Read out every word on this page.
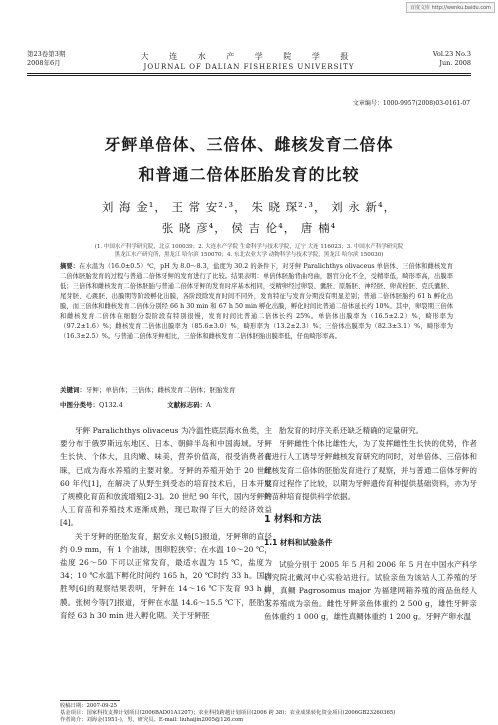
百度文库 http://wenku.baidu.com
第23卷第3期
2008年6月
大 连 水 产 学 院 学 报
JOURNAL OF DALIAN FISHERIES UNIVERSITY
Vol.23 No.3
Jun. 2008
文章编号：1000-9957(2008)03-0161-07
牙鲆单倍体、三倍体、雌核发育二倍体
和普通二倍体胚胎发育的比较
刘 海 金¹， 王 常 安²·³， 朱 晓 琛²·³， 刘 永 新⁴，
张 晓 彦⁴， 侯 吉 伦⁴， 唐 楠⁴
(1. 中国水产科学研究院，北京 100039；2. 大连水产学院 生命科学与技术学院，辽宁 大连 116023；3. 中国水产科学研究院
黑龙江水产研究所，黑龙江 哈尔滨 150070；4. 东北农业大学 动物科学与技术学院，黑龙江 哈尔滨 150030)
摘要：在水温为（16.0±0.5）℃，pH 为 8.0～8.3，盐度为 30.2 的条件下，对牙鲆 Paralichthys olivaceus 单倍体、三倍体和雌核发育二倍体胚胎发育的过程与普通二倍体牙鲆的发育进行了比较。结果表明：单倍体胚胎背曲弯曲，器官分化不全，受精率低，畸形率高，出膜率低；三倍体和雌核发育二倍体胚胎与普通二倍体牙鲆的发育时序基本相同，受精卵经过卵裂、囊胚、原肠胚、神经胚、卵黄栓胚、克氏囊胚、尾芽胚、心跳胚、出膜期等阶段孵化出膜，各阶段除发育时间不同外，发育特征与发育分期没有明显差别；普通二倍体胚胎约 61 h 孵化出膜，而三倍体和雌核发育二倍体分别经 66 h 30 min 和 67 h 50 min 孵化出膜，孵化时间比普通二倍体延长约 10%。其中，卵裂期三倍体和雌核发育二倍体在细胞分裂阶段有特别很慢，发育时间比普通二倍体长约 25%。单倍体出膜率为（16.5±2.2）%，畸形率为（97.2±1.6）%；雌核发育二倍体出膜率为（85.6±3.0）%，畸形率为（13.2±2.3）%；三倍体出膜率为（82.3±3.1）%，畸形率为（16.3±2.5）%。与普通二倍体牙鲆相比，三倍体和雌核发育二倍体胚胎出膜率低，仔鱼畸形率高。
关键词：牙鲆；单倍体；三倍体；雌核发育二倍体；胚胎发育
中图分类号：Q132.4	文献标志码：A

牙鲆 Paralichthys olivaceus 为冷温性底层海水鱼类，主要分布于俄罗斯远东地区、日本、朝鲜半岛和中国海域。牙鲆生长快、个体大，且肉嫩、味美，营养价值高，很受消费者青睐，已成为海水养殖的主要对象。牙鲆的养殖开始于 20 世纪 60 年代[1]，在解决了从野生到受态的培育技术后，日本开展了规模化育苗和放流增殖[2-3]。20 世纪 90 年代，国内牙鲆的人工育苗和养殖技术逐渐成熟，现已取得了巨大的经济效益[4]。

关于牙鲆的胚胎发育，据安永义畅[5]报道，牙鲆卵的直径约 0.9 mm，有 1 个油球，围卵腔狭窄；在水温 10～20 ℃，盐度 26～50 下可以正常发育，最适水温为 15 ℃，盐度为 34；10 ℃水温下孵化时间约 165 h，20 ℃时约 33 h。国内胜琴[6]的观察结果表明，牙鲆在 14～16 ℃下发育 93 h 出膜。张树今等[7]报道，牙鲆在水温 14.6～15.5 ℃下，胚胎发育经 63 h 30 min 进入孵化期。关于牙鲆胚

胎发育的时序关系还缺乏精确的定量研究。

牙鲆雌性个体比雄性大，为了发挥雌性生长快的优势，作者在进行人工诱导牙鲆雌核发育研究的同时，对单倍体、三倍体和雌核发育二倍体的胚胎发育进行了观察，并与普通二倍体牙鲆的发育过程作了比较，以期为牙鲆遗传育种提供基础资料，亦为牙鲆苗种培育提供科学依据。

1 材料和方法
1.1 材料和试验条件

试验分别于 2005 年 5 月和 2006 年 5 月在中国水产科学研究院北戴河中心实验站进行。试验亲鱼为该站人工养殖的牙鲆，真鲷 Pagrosomus major 为福建网箱养殖的商品鱼经人工养殖成为亲鱼。雌性牙鲆亲鱼体重约 2 500 g，雄性牙鲆亲鱼体重约 1 000 g，雄性真鲷体重约 1 200 g。牙鲆产卵水温

收稿日期：2007-09-25
基金项目：国家科技支撑计划项目(2006BAD01A1207)；农业科技跨越计划项目(2006 跨 38)；农业成果转化资金项目(2006GB23260365)
作者简介：刘海金(1951-)，男，研究员。E-mail: liuhaijin2005@126.com
